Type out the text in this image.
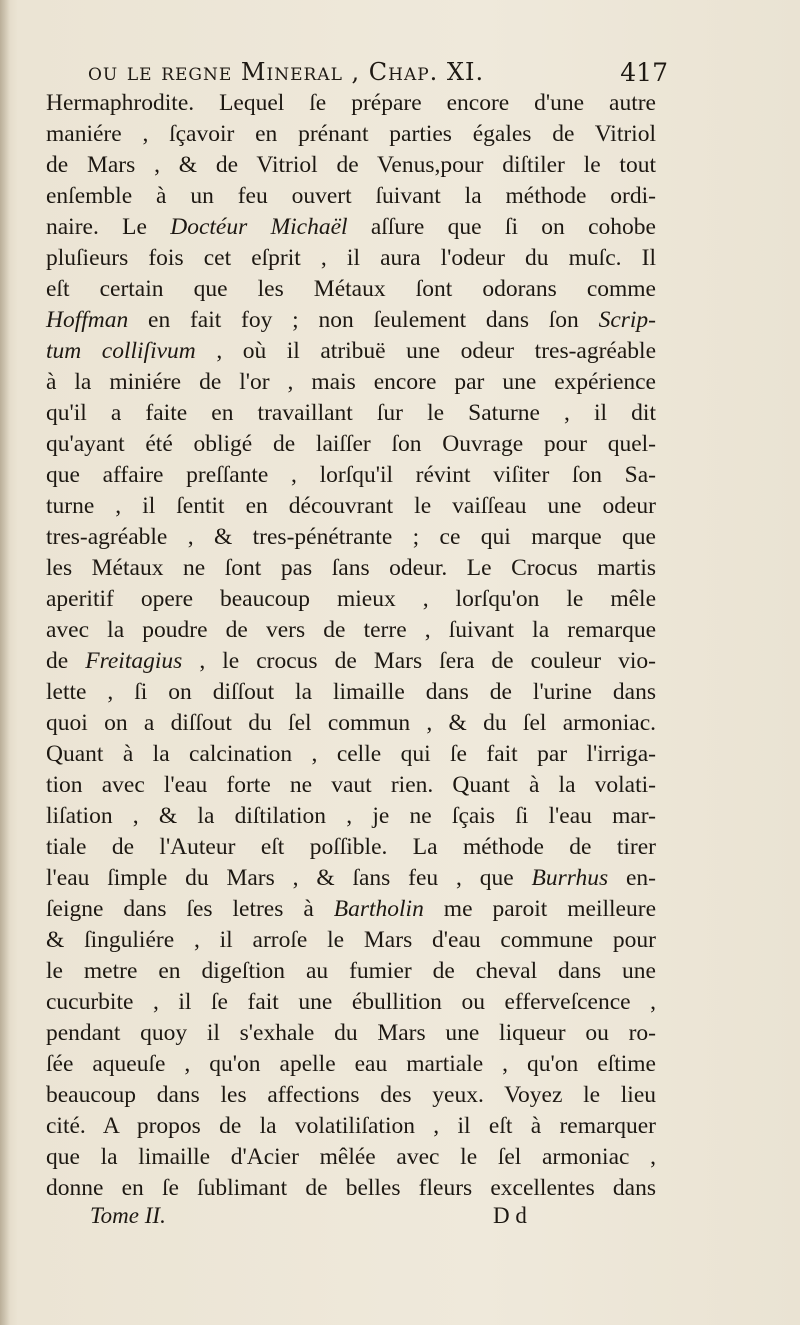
ou le regne Mineral , Chap. XI.	417
Hermaphrodite. Lequel ſe prépare encore d'une autre
maniére , ſçavoir en prénant parties égales de Vitriol
de Mars , & de Vitriol de Venus,pour diſtiler le tout
enſemble à un feu ouvert ſuivant la méthode ordi-
naire. Le Doctéur Michaël aſſure que ſi on cohobe
pluſieurs fois cet eſprit , il aura l'odeur du muſc. Il
eſt certain que les Métaux ſont odorans comme
Hoffman en fait foy ; non ſeulement dans ſon Scrip-
tum colliſivum , où il atribuë une odeur tres-agréable
à la miniére de l'or , mais encore par une expérience
qu'il a faite en travaillant ſur le Saturne , il dit
qu'ayant été obligé de laiſſer ſon Ouvrage pour quel-
que affaire preſſante , lorſqu'il révint viſiter ſon Sa-
turne , il ſentit en découvrant le vaiſſeau une odeur
tres-agréable , & tres-pénétrante ; ce qui marque que
les Métaux ne ſont pas ſans odeur. Le Crocus martis
aperitif opere beaucoup mieux , lorſqu'on le mêle
avec la poudre de vers de terre , ſuivant la remarque
de Freitagius , le crocus de Mars ſera de couleur vio-
lette , ſi on diſſout la limaille dans de l'urine dans
quoi on a diſſout du ſel commun , & du ſel armoniac.
Quant à la calcination , celle qui ſe fait par l'irriga-
tion avec l'eau forte ne vaut rien. Quant à la volati-
liſation , & la diſtilation , je ne ſçais ſi l'eau mar-
tiale de l'Auteur eſt poſſible. La méthode de tirer
l'eau ſimple du Mars , & ſans feu , que Burrhus en-
ſeigne dans ſes letres à Bartholin me paroit meilleure
& ſinguliére , il arroſe le Mars d'eau commune pour
le metre en digeſtion au fumier de cheval dans une
cucurbite , il ſe fait une ébullition ou efferveſcence ,
pendant quoy il s'exhale du Mars une liqueur ou ro-
ſée aqueuſe , qu'on apelle eau martiale , qu'on eſtime
beaucoup dans les affections des yeux. Voyez le lieu
cité. A propos de la volatiliſation , il eſt à remarquer
que la limaille d'Acier mêlée avec le ſel armoniac ,
donne en ſe ſublimant de belles fleurs excellentes dans
Tome II.	D d
